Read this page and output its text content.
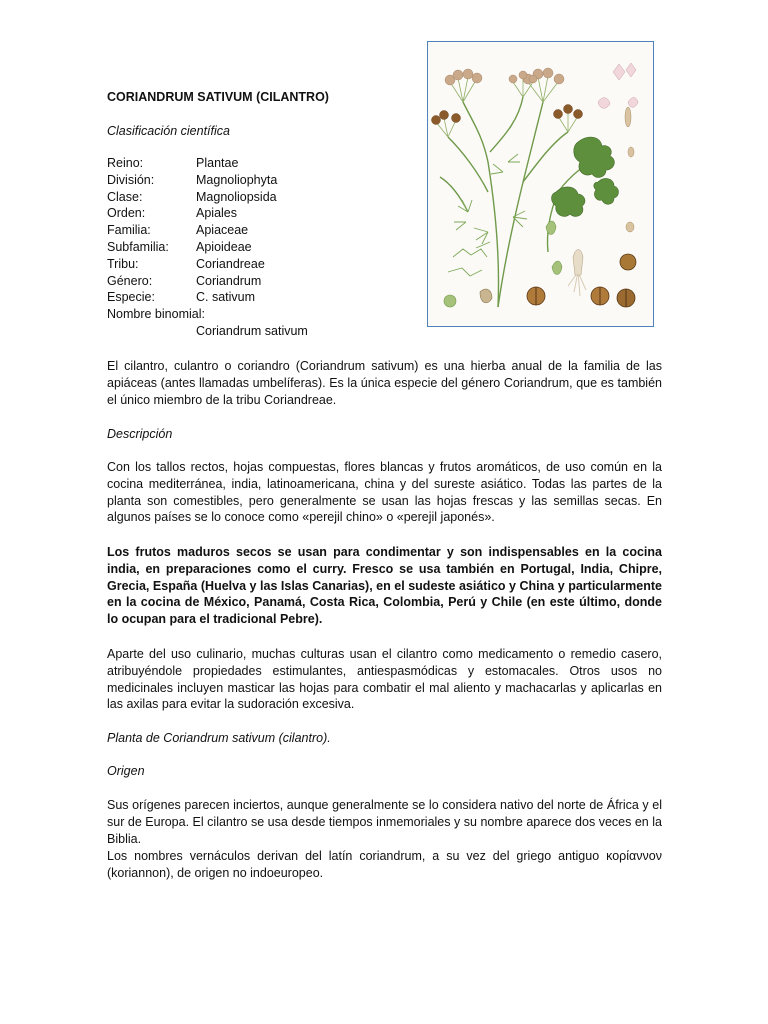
CORIANDRUM SATIVUM (CILANTRO)
Clasificación científica
Reino:	Plantae
División:	Magnoliophyta
Clase:	Magnoliopsida
Orden:	Apiales
Familia:	Apiaceae
Subfamilia:	Apioideae
Tribu:	Coriandreae
Género:	Coriandrum
Especie:	C. sativum
Nombre binomial:
Coriandrum sativum

El cilantro, culantro o coriandro (Coriandrum sativum) es una hierba anual de la familia de las apiáceas (antes llamadas umbelíferas). Es la única especie del género Coriandrum, que es también el único miembro de la tribu Coriandreae.

Descripción

Con los tallos rectos, hojas compuestas, flores blancas y frutos aromáticos, de uso común en la cocina mediterránea, india, latinoamericana, china y del sureste asiático. Todas las partes de la planta son comestibles, pero generalmente se usan las hojas frescas y las semillas secas. En algunos países se lo conoce como «perejil chino» o «perejil japonés».

Los frutos maduros secos se usan para condimentar y son indispensables en la cocina india, en preparaciones como el curry. Fresco se usa también en Portugal, India, Chipre, Grecia, España (Huelva y las Islas Canarias), en el sudeste asiático y China y particularmente en la cocina de México, Panamá, Costa Rica, Colombia, Perú y Chile (en este último, donde lo ocupan para el tradicional Pebre).

Aparte del uso culinario, muchas culturas usan el cilantro como medicamento o remedio casero, atribuyéndole propiedades estimulantes, antiespasmódicas y estomacales. Otros usos no medicinales incluyen masticar las hojas para combatir el mal aliento y machacarlas y aplicarlas en las axilas para evitar la sudoración excesiva.

Planta de Coriandrum sativum (cilantro).
Origen

Sus orígenes parecen inciertos, aunque generalmente se lo considera nativo del norte de África y el sur de Europa. El cilantro se usa desde tiempos inmemoriales y su nombre aparece dos veces en la Biblia.

Los nombres vernáculos derivan del latín coriandrum, a su vez del griego antiguo κορίαννον (koriannon), de origen no indoeuropeo.
